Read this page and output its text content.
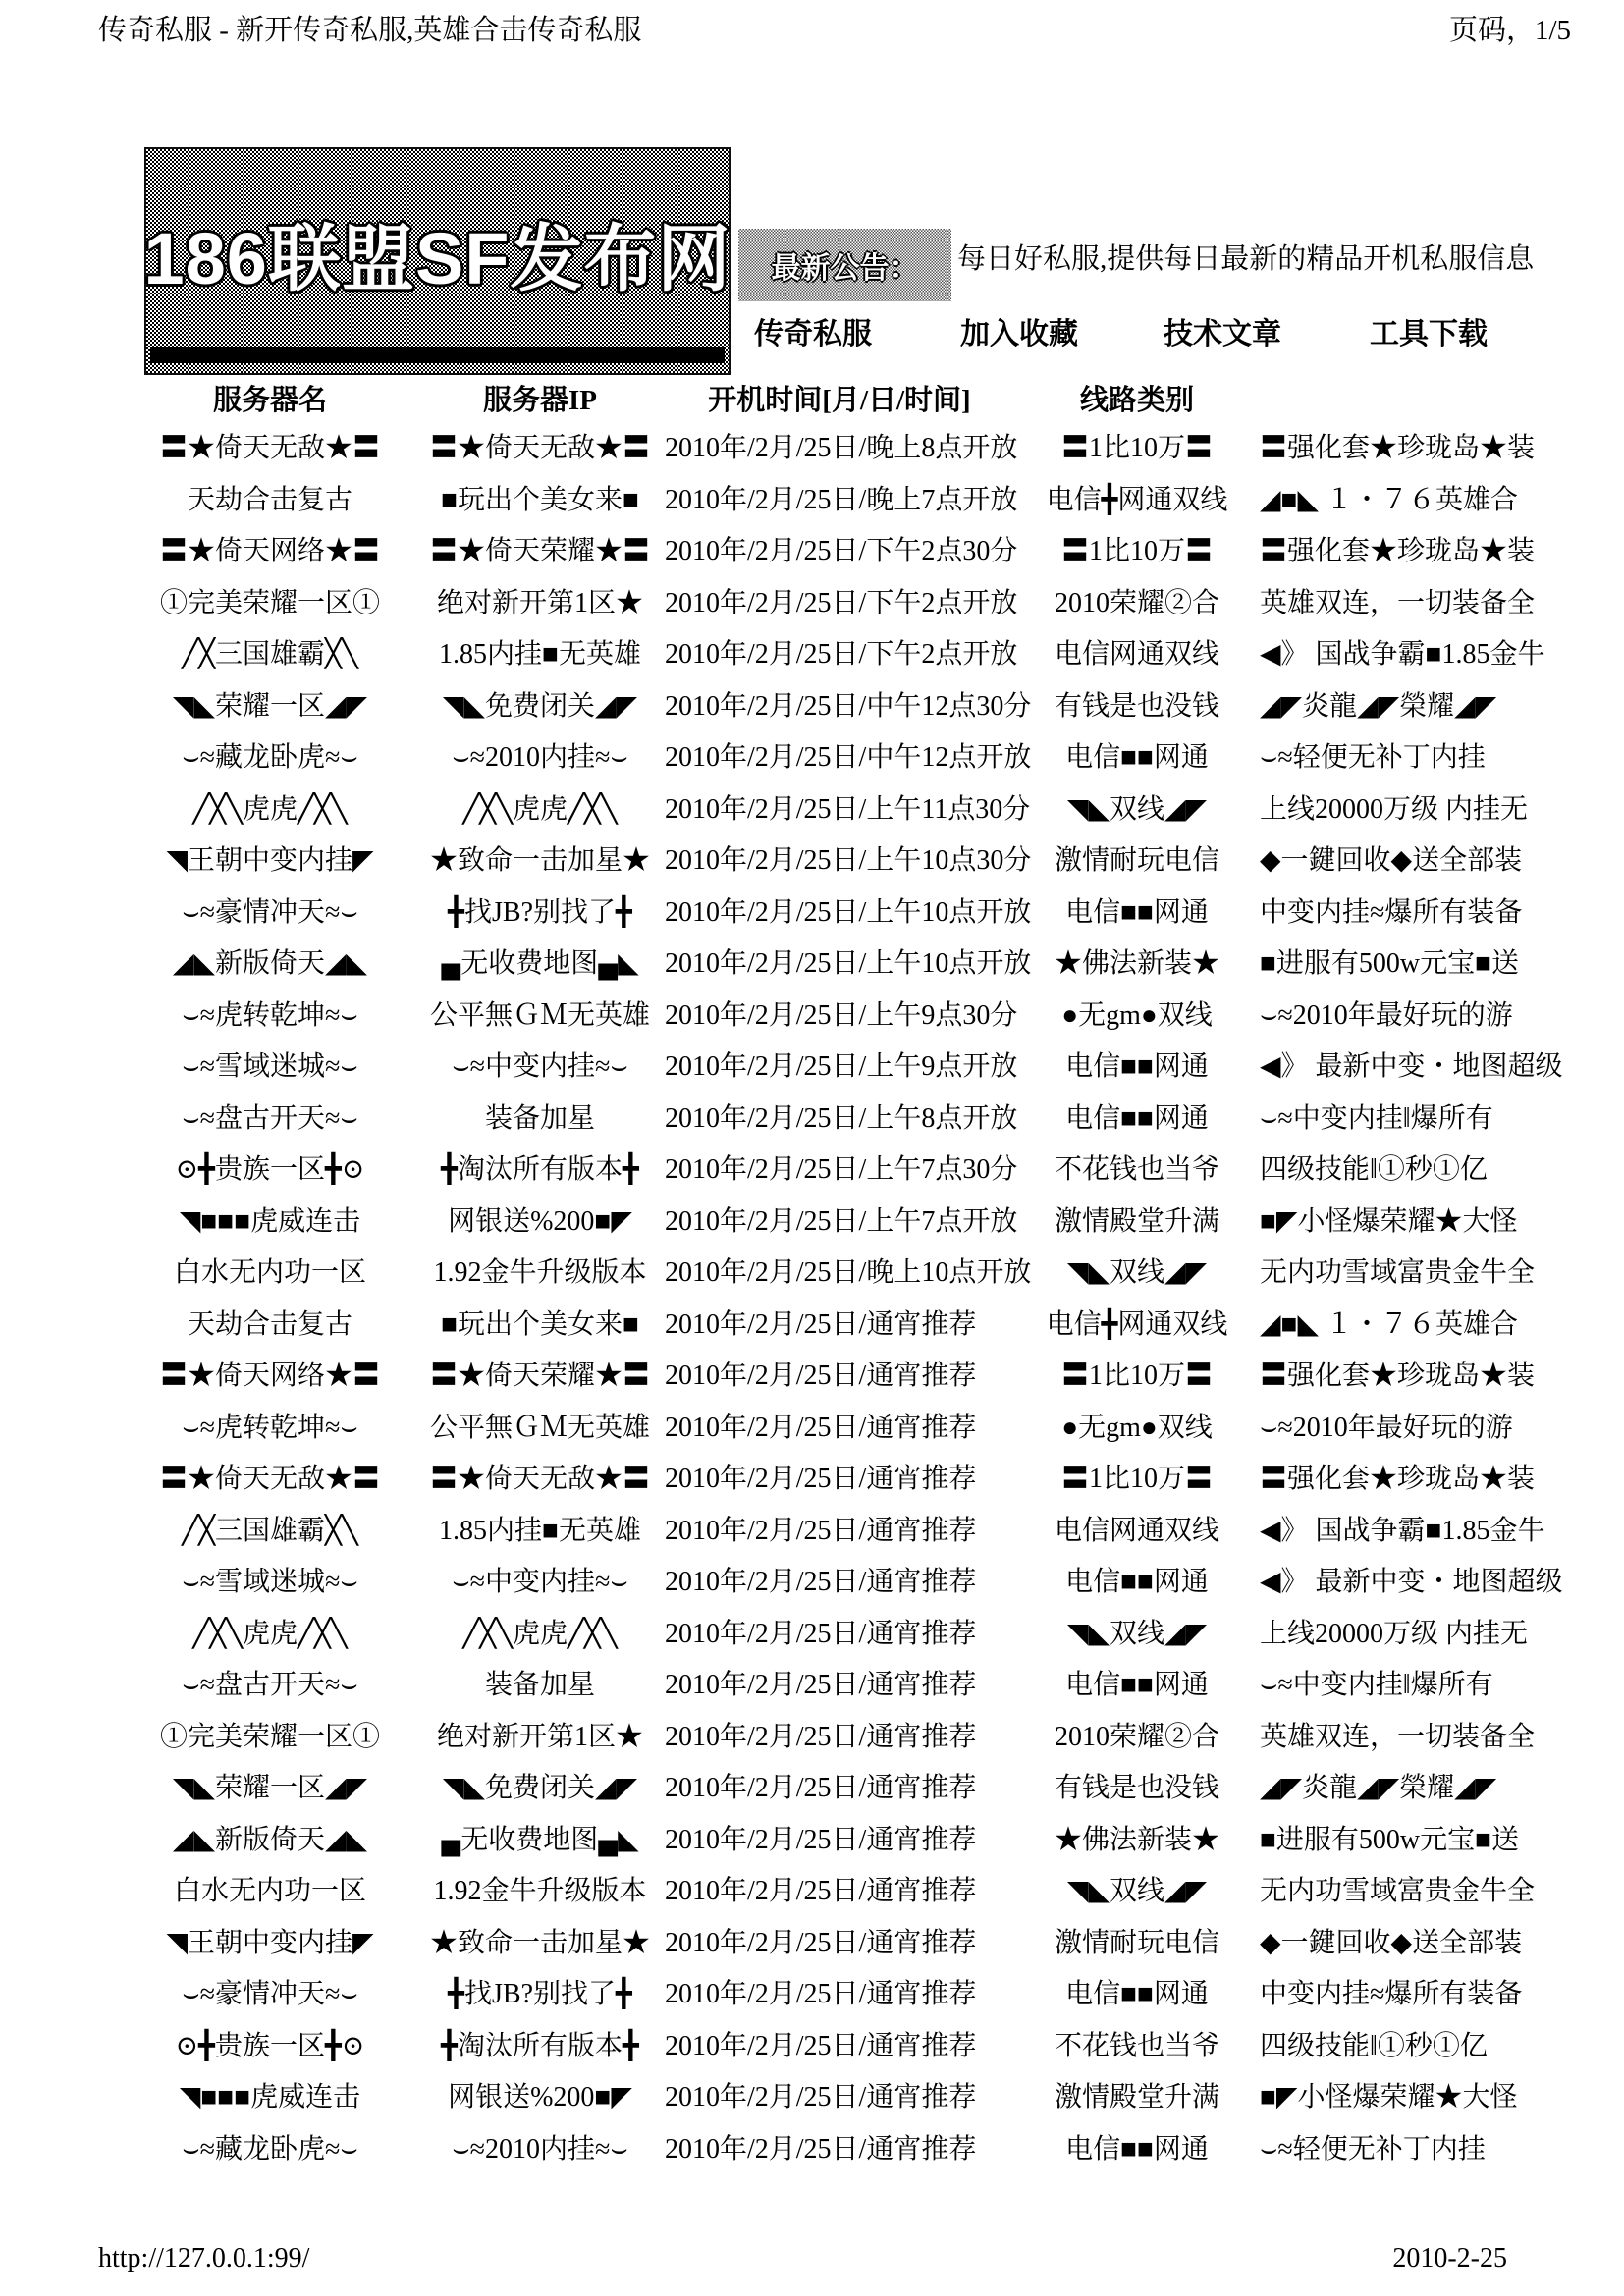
传奇私服 - 新开传奇私服,英雄合击传奇私服	页码，1/5
186联盟SF发布网 最新公告： 每日好私服,提供每日最新的精品开机私服信息
传奇私服	加入收藏	技术文章	工具下载
服务器名	服务器IP	开机时间[月/日/时间]	线路类别
〓★倚天无敌★〓	〓★倚天无敌★〓 2010年/2月/25日/晚上8点开放	〓1比10万〓	〓强化套★珍珑岛★装
天劫合击复古	■玩出个美女来■ 2010年/2月/25日/晚上7点开放	电信╋网通双线	◢■◣ １・７６英雄合
〓★倚天网络★〓	〓★倚天荣耀★〓 2010年/2月/25日/下午2点30分	〓1比10万〓	〓强化套★珍珑岛★装
①完美荣耀一区①	绝对新开第1区★ 2010年/2月/25日/下午2点开放	2010荣耀②合	英雄双连，一切装备全
╱╳三国雄霸╳╲	1.85内挂■无英雄 2010年/2月/25日/下午2点开放	电信网通双线	◀》 国战争霸■1.85金牛
◥◣荣耀一区◢◤	◥◣免费闭关◢◤ 2010年/2月/25日/中午12点30分 有钱是也没钱	◢◤炎龍◢◤榮耀◢◤
⌣≈藏龙卧虎≈⌣	⌣≈2010内挂≈⌣	2010年/2月/25日/中午12点开放	电信■■网通	⌣≈轻便无补丁内挂
╱╳╲虎虎╱╳╲	╱╳╲虎虎╱╳╲	2010年/2月/25日/上午11点30分	◥◣双线◢◤	上线20000万级 内挂无
◥王朝中变内挂◤	★致命一击加星★ 2010年/2月/25日/上午10点30分 激情耐玩电信	◆一鍵回收◆送全部装
⌣≈豪情冲天≈⌣	╋找JB?别找了╋	2010年/2月/25日/上午10点开放	电信■■网通	中变内挂≈爆所有装备
◢◣新版倚天◢◣	▄无收费地图▄◣ 2010年/2月/25日/上午10点开放 ★佛法新装★	■进服有500w元宝■送
⌣≈虎转乾坤≈⌣	公平無ＧＭ无英雄 2010年/2月/25日/上午9点30分	●无gm●双线	⌣≈2010年最好玩的游
⌣≈雪域迷城≈⌣	⌣≈中变内挂≈⌣	2010年/2月/25日/上午9点开放	电信■■网通	◀》 最新中变・地图超级
⌣≈盘古开天≈⌣	装备加星	2010年/2月/25日/上午8点开放	电信■■网通	⌣≈中变内挂‖爆所有
⊙╋贵族一区╋⊙	╋淘汰所有版本╋ 2010年/2月/25日/上午7点30分	不花钱也当爷	四级技能‖①秒①亿
◥■■■虎威连击	网银送%200■◤	2010年/2月/25日/上午7点开放	激情殿堂升满	■◤小怪爆荣耀★大怪
白水无内功一区	1.92金牛升级版本 2010年/2月/25日/晚上10点开放	◥◣双线◢◤	无内功雪域富贵金牛全
天劫合击复古	■玩出个美女来■ 2010年/2月/25日/通宵推荐	电信╋网通双线	◢■◣ １・７６英雄合
〓★倚天网络★〓	〓★倚天荣耀★〓 2010年/2月/25日/通宵推荐	〓1比10万〓	〓强化套★珍珑岛★装
⌣≈虎转乾坤≈⌣	公平無ＧＭ无英雄 2010年/2月/25日/通宵推荐	●无gm●双线	⌣≈2010年最好玩的游
〓★倚天无敌★〓	〓★倚天无敌★〓 2010年/2月/25日/通宵推荐	〓1比10万〓	〓强化套★珍珑岛★装
╱╳三国雄霸╳╲	1.85内挂■无英雄 2010年/2月/25日/通宵推荐	电信网通双线	◀》 国战争霸■1.85金牛
⌣≈雪域迷城≈⌣	⌣≈中变内挂≈⌣	2010年/2月/25日/通宵推荐	电信■■网通	◀》 最新中变・地图超级
╱╳╲虎虎╱╳╲	╱╳╲虎虎╱╳╲	2010年/2月/25日/通宵推荐	◥◣双线◢◤	上线20000万级 内挂无
⌣≈盘古开天≈⌣	装备加星	2010年/2月/25日/通宵推荐	电信■■网通	⌣≈中变内挂‖爆所有
①完美荣耀一区①	绝对新开第1区★ 2010年/2月/25日/通宵推荐	2010荣耀②合	英雄双连，一切装备全
◥◣荣耀一区◢◤	◥◣免费闭关◢◤ 2010年/2月/25日/通宵推荐	有钱是也没钱	◢◤炎龍◢◤榮耀◢◤
◢◣新版倚天◢◣	▄无收费地图▄◣ 2010年/2月/25日/通宵推荐	★佛法新装★	■进服有500w元宝■送
白水无内功一区	1.92金牛升级版本 2010年/2月/25日/通宵推荐	◥◣双线◢◤	无内功雪域富贵金牛全
◥王朝中变内挂◤	★致命一击加星★ 2010年/2月/25日/通宵推荐	激情耐玩电信	◆一鍵回收◆送全部装
⌣≈豪情冲天≈⌣	╋找JB?别找了╋	2010年/2月/25日/通宵推荐	电信■■网通	中变内挂≈爆所有装备
⊙╋贵族一区╋⊙	╋淘汰所有版本╋ 2010年/2月/25日/通宵推荐	不花钱也当爷	四级技能‖①秒①亿
◥■■■虎威连击	网银送%200■◤	2010年/2月/25日/通宵推荐	激情殿堂升满	■◤小怪爆荣耀★大怪
⌣≈藏龙卧虎≈⌣	⌣≈2010内挂≈⌣	2010年/2月/25日/通宵推荐	电信■■网通	⌣≈轻便无补丁内挂
http://127.0.0.1:99/	2010-2-25
